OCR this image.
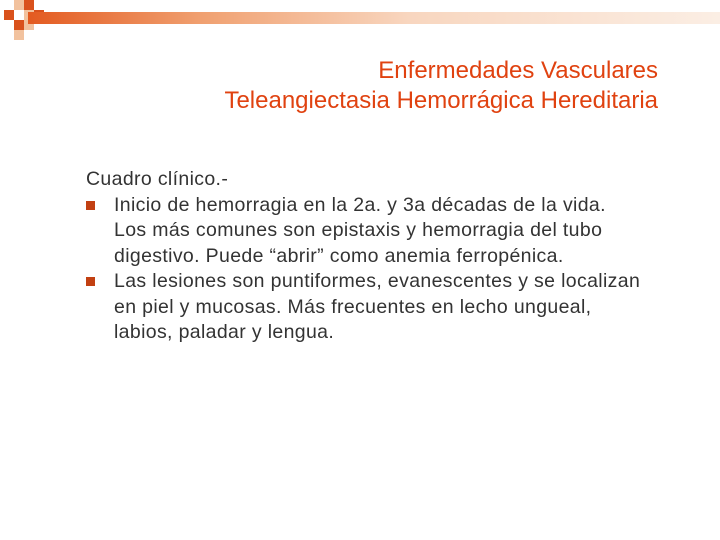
Enfermedades Vasculares
Teleangiectasia Hemorrágica Hereditaria
Cuadro clínico.-
Inicio de hemorragia en la 2a. y 3a décadas de la vida. Los más comunes son epistaxis y hemorragia del tubo digestivo. Puede “abrir” como anemia ferropénica.
Las lesiones son puntiformes, evanescentes y se localizan en piel y mucosas. Más frecuentes en lecho ungueal, labios, paladar y lengua.
